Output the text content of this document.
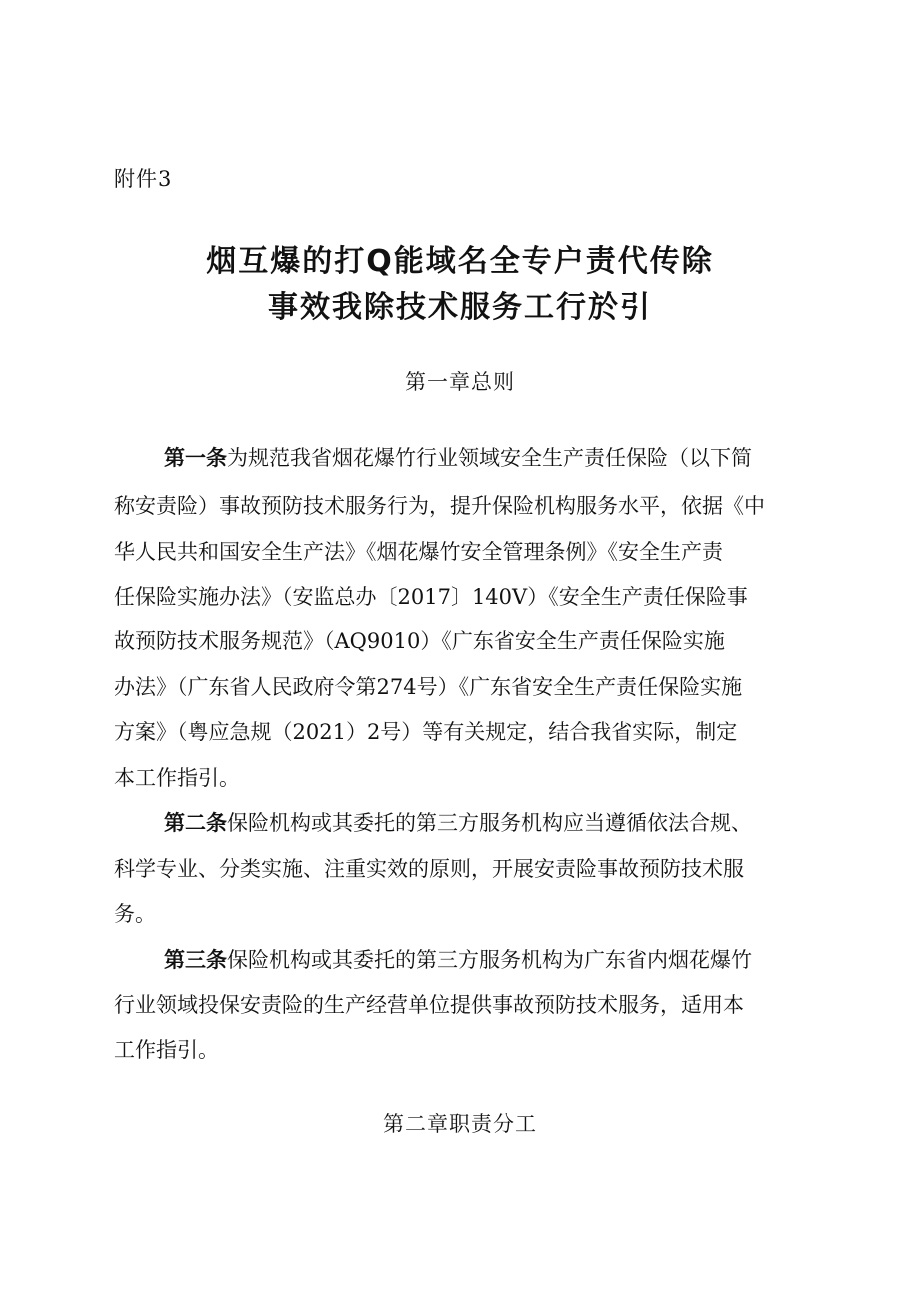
附件3
烟互爆的打Q能域名全专户责代传除
事效我除技术服务工行於引
第一章总则
第一条为规范我省烟花爆竹行业领域安全生产责任保险（以下简
称安责险）事故预防技术服务行为，提升保险机构服务水平，依据《中
华人民共和国安全生产法》《烟花爆竹安全管理条例》《安全生产责
任保险实施办法》（安监总办〔2017〕140V）《安全生产责任保险事
故预防技术服务规范》（AQ9010）《广东省安全生产责任保险实施
办法》（广东省人民政府令第274号）《广东省安全生产责任保险实施
方案》（粤应急规（2021）2号）等有关规定，结合我省实际，制定
本工作指引。
第二条保险机构或其委托的第三方服务机构应当遵循依法合规、
科学专业、分类实施、注重实效的原则，开展安责险事故预防技术服
务。
第三条保险机构或其委托的第三方服务机构为广东省内烟花爆竹
行业领域投保安责险的生产经营单位提供事故预防技术服务，适用本
工作指引。
第二章职责分工
